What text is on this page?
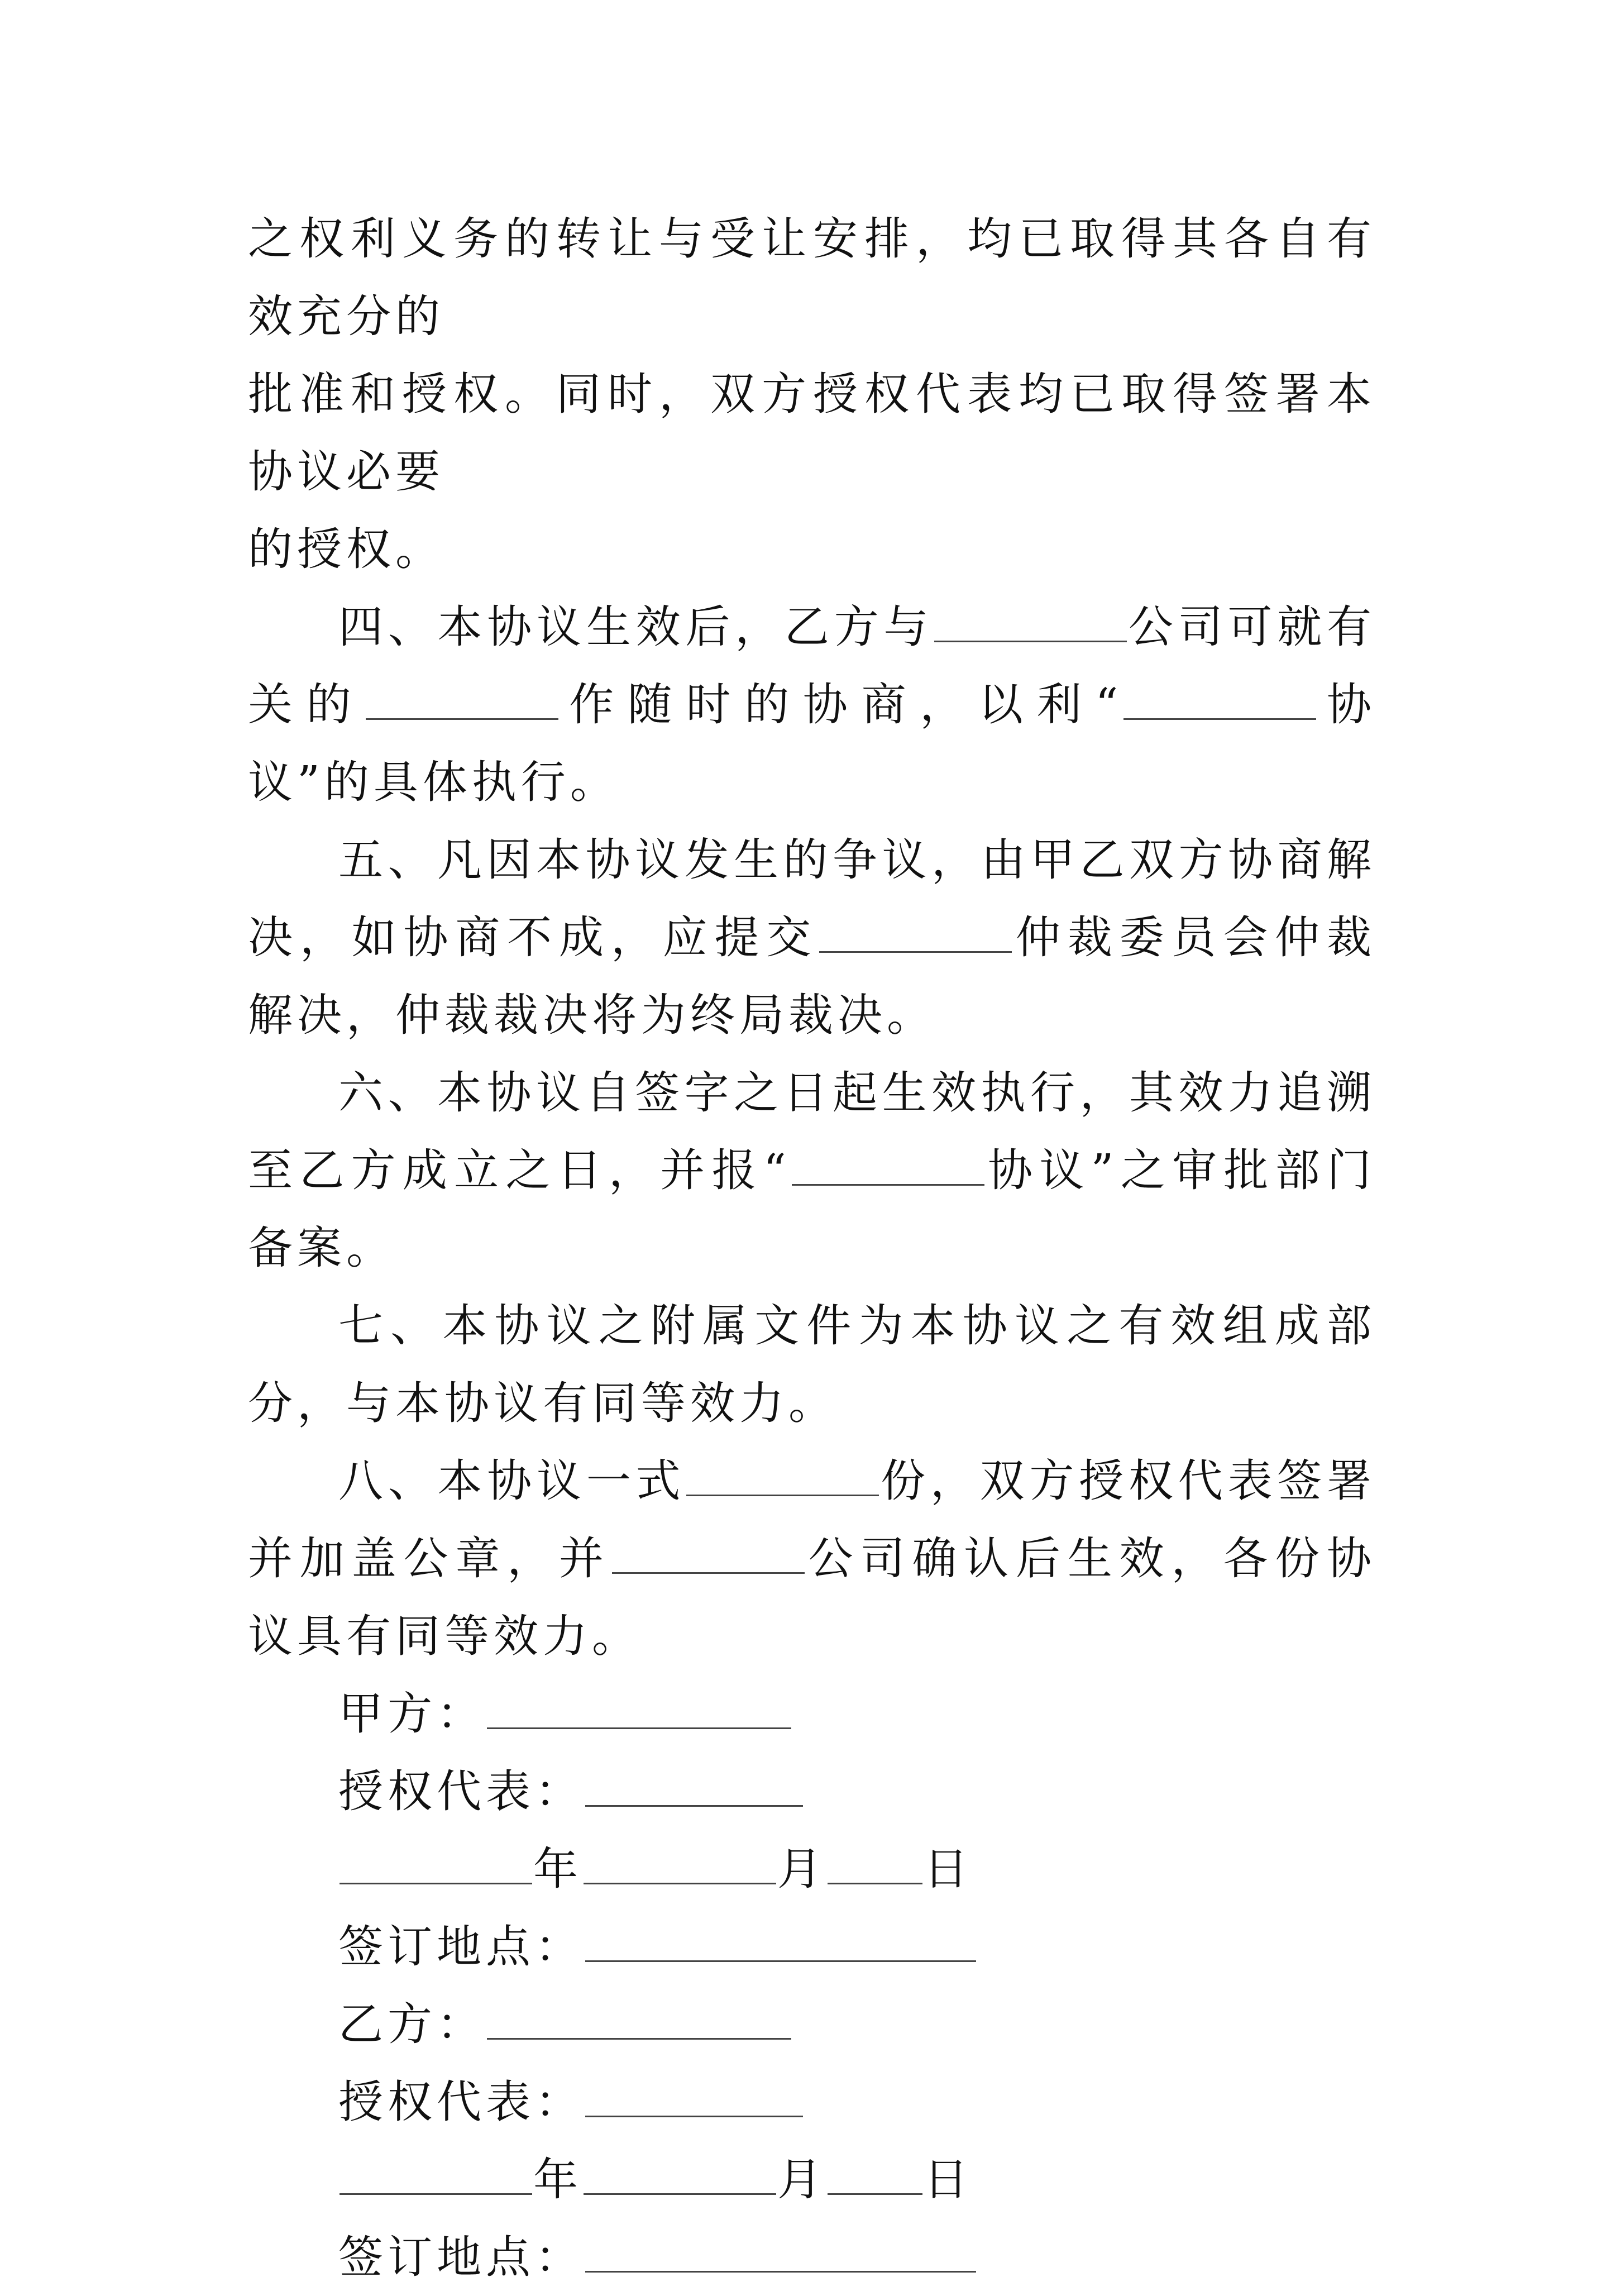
之权利义务的转让与受让安排，均已取得其各自有效充分的
批准和授权。同时，双方授权代表均已取得签署本协议必要
的授权。

四、本协议生效后，乙方与	公司可就有关的	作随时的协商，以利“	协议”的具体执行。

五、凡因本协议发生的争议，由甲乙双方协商解决，如协商不成，应提交	仲裁委员会仲裁解决，仲裁裁决将为终局裁决。

六、本协议自签字之日起生效执行，其效力追溯至乙方成立之日，并报“	协议”之审批部门备案。

七、本协议之附属文件为本协议之有效组成部分，与本协议有同等效力。

八、本协议一式	份，双方授权代表签署并加盖公章，并	公司确认后生效，各份协议具有同等效力。

甲方：

授权代表：

年	月 日

签订地点：

乙方：

授权代表：

年	月 日

签订地点：
